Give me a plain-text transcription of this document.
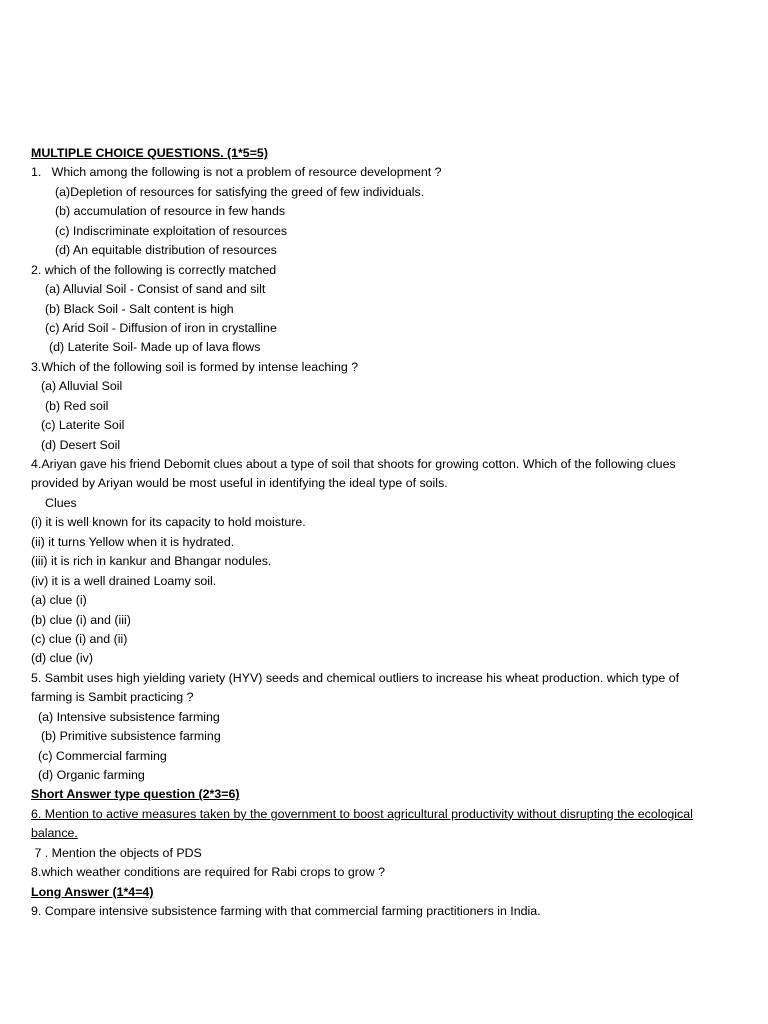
MULTIPLE CHOICE QUESTIONS. (1*5=5)
1.   Which among the following is not a problem of resource development ?
(a)Depletion of resources for satisfying the greed of few individuals.
(b) accumulation of resource in few hands
(c) Indiscriminate exploitation of resources
(d) An equitable distribution of resources
2. which of the following is correctly matched
(a) Alluvial Soil - Consist of sand and silt
(b) Black Soil - Salt content is high
(c) Arid Soil - Diffusion of iron in crystalline
(d) Laterite Soil- Made up of lava flows
3.Which of the following soil is formed by intense leaching ?
(a) Alluvial Soil
(b) Red soil
(c) Laterite Soil
(d) Desert Soil
4.Ariyan gave his friend Debomit clues about a type of soil that shoots for growing cotton. Which of the following clues
provided by Ariyan would be most useful in identifying the ideal type of soils.
Clues
(i) it is well known for its capacity to hold moisture.
(ii) it turns Yellow when it is hydrated.
(iii) it is rich in kankur and Bhangar nodules.
(iv) it is a well drained Loamy soil.
(a) clue (i)
(b) clue (i) and (iii)
(c) clue (i) and (ii)
(d) clue (iv)
5. Sambit uses high yielding variety (HYV) seeds and chemical outliers to increase his wheat production. which type of
farming is Sambit practicing ?
(a) Intensive subsistence farming
(b) Primitive subsistence farming
(c) Commercial farming
(d) Organic farming
Short Answer type question (2*3=6)
6. Mention to active measures taken by the government to boost agricultural productivity without disrupting the ecological
balance.
7 . Mention the objects of PDS
8.which weather conditions are required for Rabi crops to grow ?
Long Answer (1*4=4)
9. Compare intensive subsistence farming with that commercial farming practitioners in India.
